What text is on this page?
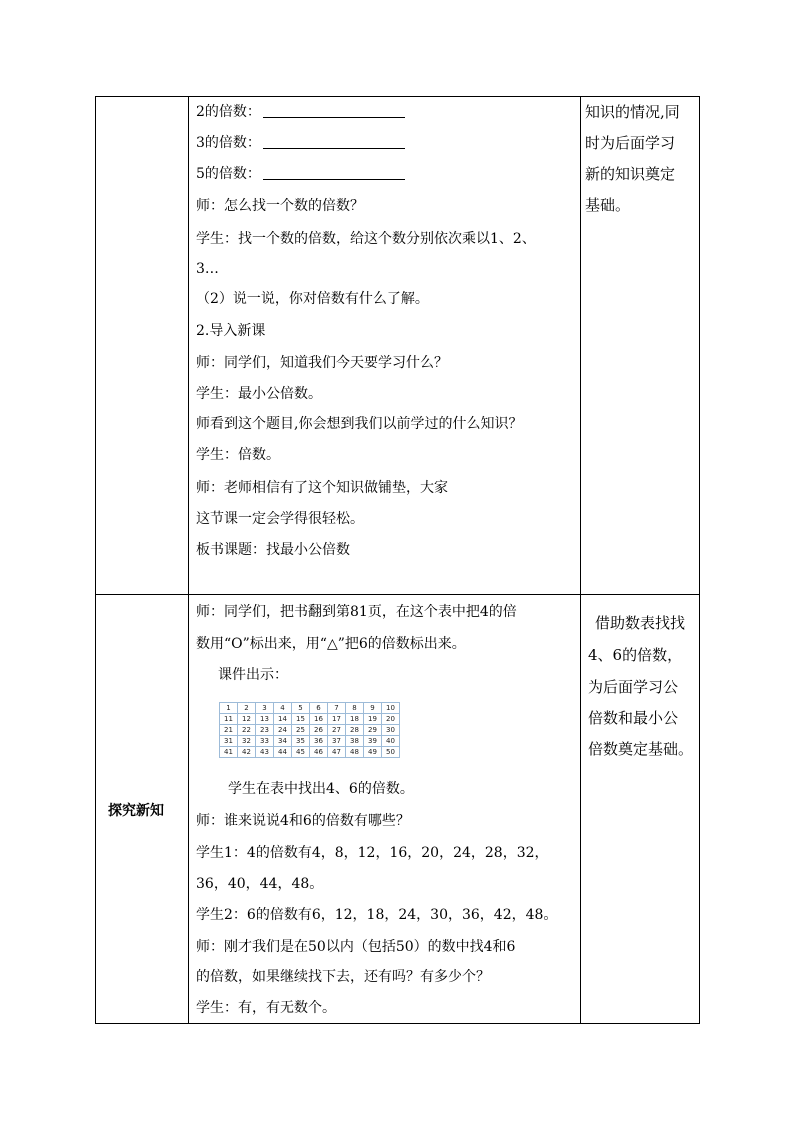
2的倍数：
3的倍数：
5的倍数：
师：怎么找一个数的倍数？
学生：找一个数的倍数，给这个数分别依次乘以1、2、
3…
（2）说一说，你对倍数有什么了解。
2.导入新课
师：同学们，知道我们今天要学习什么？
学生：最小公倍数。
师看到这个题目,你会想到我们以前学过的什么知识？
学生：倍数。
师：老师相信有了这个知识做铺垫，大家
这节课一定会学得很轻松。
板书课题：找最小公倍数
知识的情况,同
时为后面学习
新的知识奠定
基础。
探究新知
师：同学们，把书翻到第81页，在这个表中把4的倍
数用“O”标出来，用“△”把6的倍数标出来。
课件出示：
1	2	3	4	5	6	7	8	9	10
11	12	13	14	15	16	17	18	19	20
21	22	23	24	25	26	27	28	29	30
31	32	33	34	35	36	37	38	39	40
41	42	43	44	45	46	47	48	49	50
学生在表中找出4、6的倍数。
师：谁来说说4和6的倍数有哪些？
学生1：4的倍数有4，8，12，16，20，24，28，32，
36，40，44，48。
学生2：6的倍数有6，12，18，24，30，36，42，48。
师：刚才我们是在50以内（包括50）的数中找4和6
的倍数，如果继续找下去，还有吗？有多少个？
学生：有，有无数个。
借助数表找找
4、6的倍数，
为后面学习公
倍数和最小公
倍数奠定基础。
